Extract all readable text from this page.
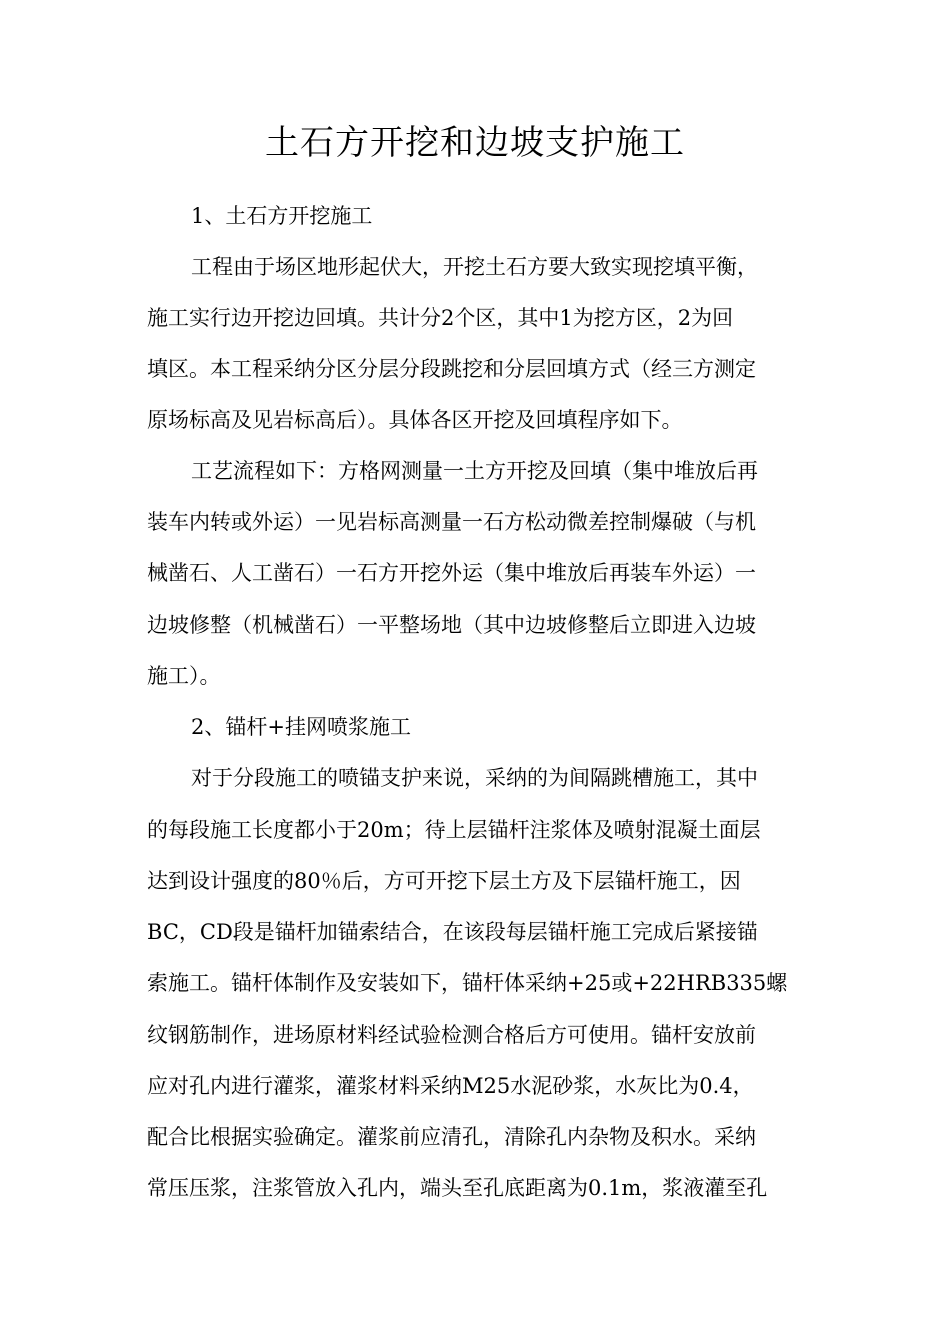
土石方开挖和边坡支护施工
1、土石方开挖施工
工程由于场区地形起伏大，开挖土石方要大致实现挖填平衡，
施工实行边开挖边回填。共计分2个区，其中1为挖方区，2为回
填区。本工程采纳分区分层分段跳挖和分层回填方式（经三方测定
原场标高及见岩标高后）。具体各区开挖及回填程序如下。
工艺流程如下：方格网测量一土方开挖及回填（集中堆放后再
装车内转或外运）一见岩标高测量一石方松动微差控制爆破（与机
械凿石、人工凿石）一石方开挖外运（集中堆放后再装车外运）一
边坡修整（机械凿石）一平整场地（其中边坡修整后立即进入边坡
施工）。
2、锚杆+挂网喷浆施工
对于分段施工的喷锚支护来说，采纳的为间隔跳槽施工，其中
的每段施工长度都小于20m；待上层锚杆注浆体及喷射混凝土面层
达到设计强度的80％后，方可开挖下层土方及下层锚杆施工，因
BC，CD段是锚杆加锚索结合，在该段每层锚杆施工完成后紧接锚
索施工。锚杆体制作及安装如下，锚杆体采纳+25或+22HRB335螺
纹钢筋制作，进场原材料经试验检测合格后方可使用。锚杆安放前
应对孔内进行灌浆，灌浆材料采纳M25水泥砂浆，水灰比为0.4，
配合比根据实验确定。灌浆前应清孔，清除孔内杂物及积水。采纳
常压压浆，注浆管放入孔内，端头至孔底距离为0.1m，浆液灌至孔
